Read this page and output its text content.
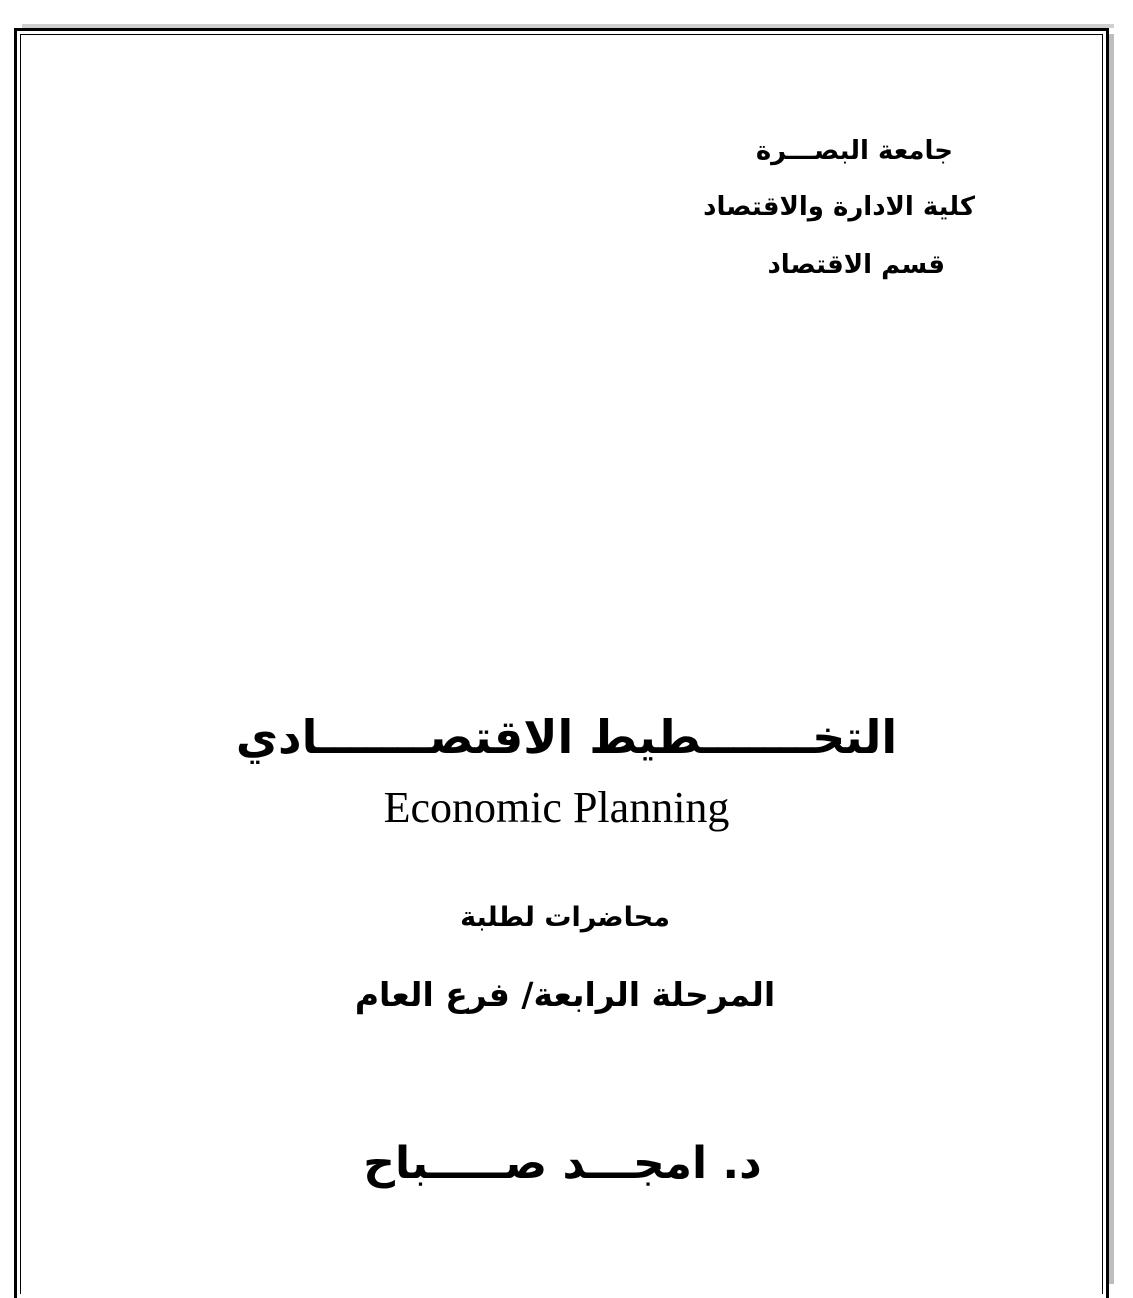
جامعة البصـــرة
كلية الادارة والاقتصاد
قسم الاقتصاد
التخـــــــطيط الاقتصـــــــادي
Economic Planning
محاضرات لطلبة
المرحلة الرابعة/ فرع العام
د. امجـــد صـــــباح
